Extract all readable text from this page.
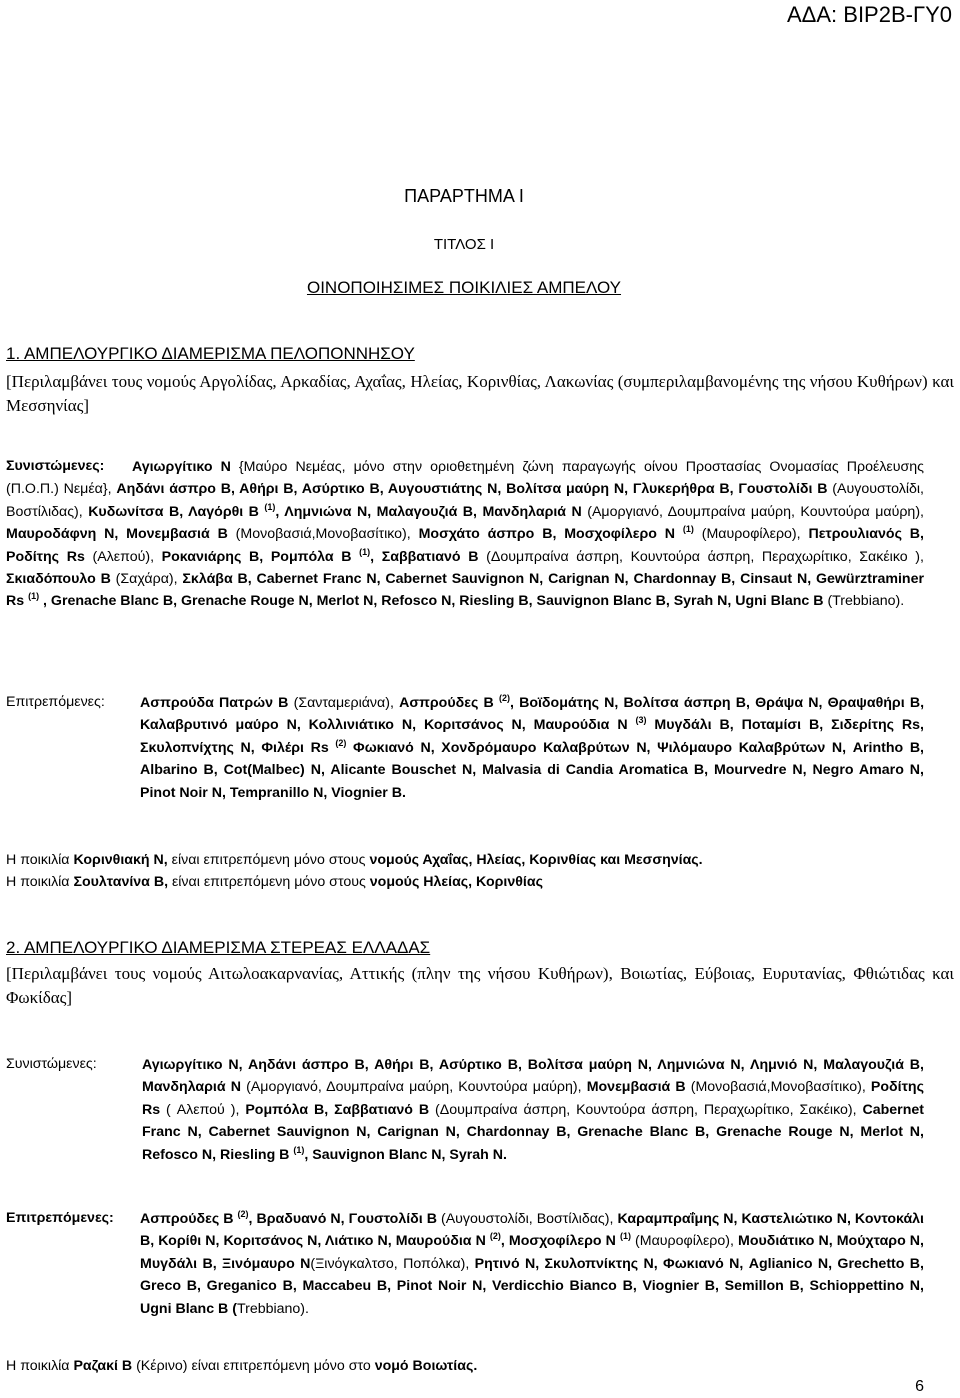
ΑΔΑ: ΒΙΡ2Β-ΓΥ0
ΠΑΡΑΡΤΗΜΑ Ι
ΤΙΤΛΟΣ Ι
ΟΙΝΟΠΟΙΗΣΙΜΕΣ ΠΟΙΚΙΛΙΕΣ ΑΜΠΕΛΟΥ
1. ΑΜΠΕΛΟΥΡΓΙΚΟ ΔΙΑΜΕΡΙΣΜΑ ΠΕΛΟΠΟΝΝΗΣΟΥ
[Περιλαμβάνει τους νομούς Αργολίδας, Αρκαδίας, Αχαΐας, Ηλείας, Κορινθίας, Λακωνίας (συμπεριλαμβανομένης της νήσου Κυθήρων) και Μεσσηνίας]
Συνιστώμενες:	Αγιωργίτικο Ν {Μαύρο Νεμέας, μόνο στην οριοθετημένη ζώνη παραγωγής οίνου Προστασίας Ονομασίας Προέλευσης (Π.Ο.Π.) Νεμέα}, Αηδάνι άσπρο Β, Αθήρι Β, Ασύρτικο Β, Αυγουστιάτης Ν, Βολίτσα μαύρη Ν, Γλυκερήθρα Β, Γουστολίδι Β (Αυγουστολίδι, Βοστίλιδας), Κυδωνίτσα Β, Λαγόρθι Β $^{(1)}$, Λημνιώνα Ν, Μαλαγουζιά Β, Μανδηλαριά Ν (Αμοργιανό, Δουμπραίνα μαύρη, Κουντούρα μαύρη), Μαυροδάφνη Ν, Μονεμβασιά Β (Μονοβασιά,Μονοβασίτικο), Μοσχάτο άσπρο Β, Μοσχοφίλερο Ν $^{(1)}$ (Μαυροφίλερο), Πετρουλιανός Β, Ροδίτης Rs (Αλεπού), Ροκανιάρης Β, Ρομπόλα Β $^{(1)}$, Σαββατιανό Β (Δουμπραίνα άσπρη, Κουντούρα άσπρη, Περαχωρίτικο, Σακέικο ), Σκιαδόπουλο Β (Σαχάρα), Σκλάβα Β, Cabernet Franc N, Cabernet Sauvignon N, Carignan N, Chardonnay B, Cinsaut N, Gewürztraminer Rs $^{(1)}$ , Grenache Blanc B, Grenache Rouge N, Merlot N, Refosco N, Riesling B, Sauvignon Blanc B, Syrah N, Ugni Blanc B (Trebbiano).
Επιτρεπόμενες: Ασπρούδα Πατρών Β (Σανταμεριάνα), Ασπρούδες Β $^{(2)}$, Βοϊδομάτης Ν, Βολίτσα άσπρη Β, Θράψα Ν, Θραψαθήρι Β, Καλαβρυτινό μαύρο Ν, Κολλινιάτικο Ν, Κοριτσάνος Ν, Μαυρούδια Ν $^{(3)}$ Μυγδάλι Β, Ποταμίσι Β, Σιδερίτης Rs, Σκυλοπνίχτης Ν, Φιλέρι Rs $^{(2)}$ Φωκιανό Ν, Χονδρόμαυρο Καλαβρύτων Ν, Ψιλόμαυρο Καλαβρύτων Ν, Arintho B, Albarino B, Cot(Malbec) N, Alicante Bouschet N, Malvasia di Candia Aromatica B, Mourvedre N, Negro Amaro N, Pinot Noir N, Tempranillo N, Viognier B.
Η ποικιλία Κορινθιακή Ν, είναι επιτρεπόμενη μόνο στους νομούς Αχαΐας, Ηλείας, Κορινθίας και Μεσσηνίας.
Η ποικιλία Σουλτανίνα Β, είναι επιτρεπόμενη μόνο στους νομούς Ηλείας, Κορινθίας
2. ΑΜΠΕΛΟΥΡΓΙΚΟ ΔΙΑΜΕΡΙΣΜΑ ΣΤΕΡΕΑΣ ΕΛΛΑΔΑΣ
[Περιλαμβάνει τους νομούς Αιτωλοακαρνανίας, Αττικής (πλην της νήσου Κυθήρων), Βοιωτίας, Εύβοιας, Ευρυτανίας, Φθιώτιδας και Φωκίδας]
Συνιστώμενες:	Αγιωργίτικο Ν, Αηδάνι άσπρο Β, Αθήρι Β, Ασύρτικο Β, Βολίτσα μαύρη Ν, Λημνιώνα Ν, Λημνιό Ν, Μαλαγουζιά Β, Μανδηλαριά Ν (Αμοργιανό, Δουμπραίνα μαύρη, Κουντούρα μαύρη), Μονεμβασιά Β (Μονοβασιά,Μονοβασίτικο), Ροδίτης Rs ( Αλεπού ), Ρομπόλα Β, Σαββατιανό Β (Δουμπραίνα άσπρη, Κουντούρα άσπρη, Περαχωρίτικο, Σακέικο), Cabernet Franc N, Cabernet Sauvignon N, Carignan N, Chardonnay B, Grenache Blanc B, Grenache Rouge N, Merlot N, Refosco N, Riesling B $^{(1)}$, Sauvignon Blanc N, Syrah N.
Επιτρεπόμενες: Ασπρούδες Β $^{(2)}$, Βραδυανό Ν, Γουστολίδι Β (Αυγουστολίδι, Βοστίλιδας), Καραμπραΐμης Ν, Καστελιώτικο Ν, Κοντοκάλι Β, Κορίθι Ν, Κοριτσάνος Ν, Λιάτικο Ν, Μαυρούδια Ν $^{(2)}$, Μοσχοφίλερο Ν $^{(1)}$ (Μαυροφίλερο), Μουδιάτικο Ν, Μούχταρο Ν, Μυγδάλι Β, Ξινόμαυρο Ν(Ξινόγκαλτσο, Ποπόλκα), Ρητινό Ν, Σκυλοπνίκτης Ν, Φωκιανό Ν, Aglianico N, Grechetto B, Greco B, Greganico B, Maccabeu B, Pinot Noir N, Verdicchio Bianco B, Viognier B, Semillon B, Schioppettino N, Ugni Blanc B (Trebbiano).
Η ποικιλία Ραζακί Β (Κέρινο) είναι επιτρεπόμενη μόνο στο νομό Βοιωτίας.
6
